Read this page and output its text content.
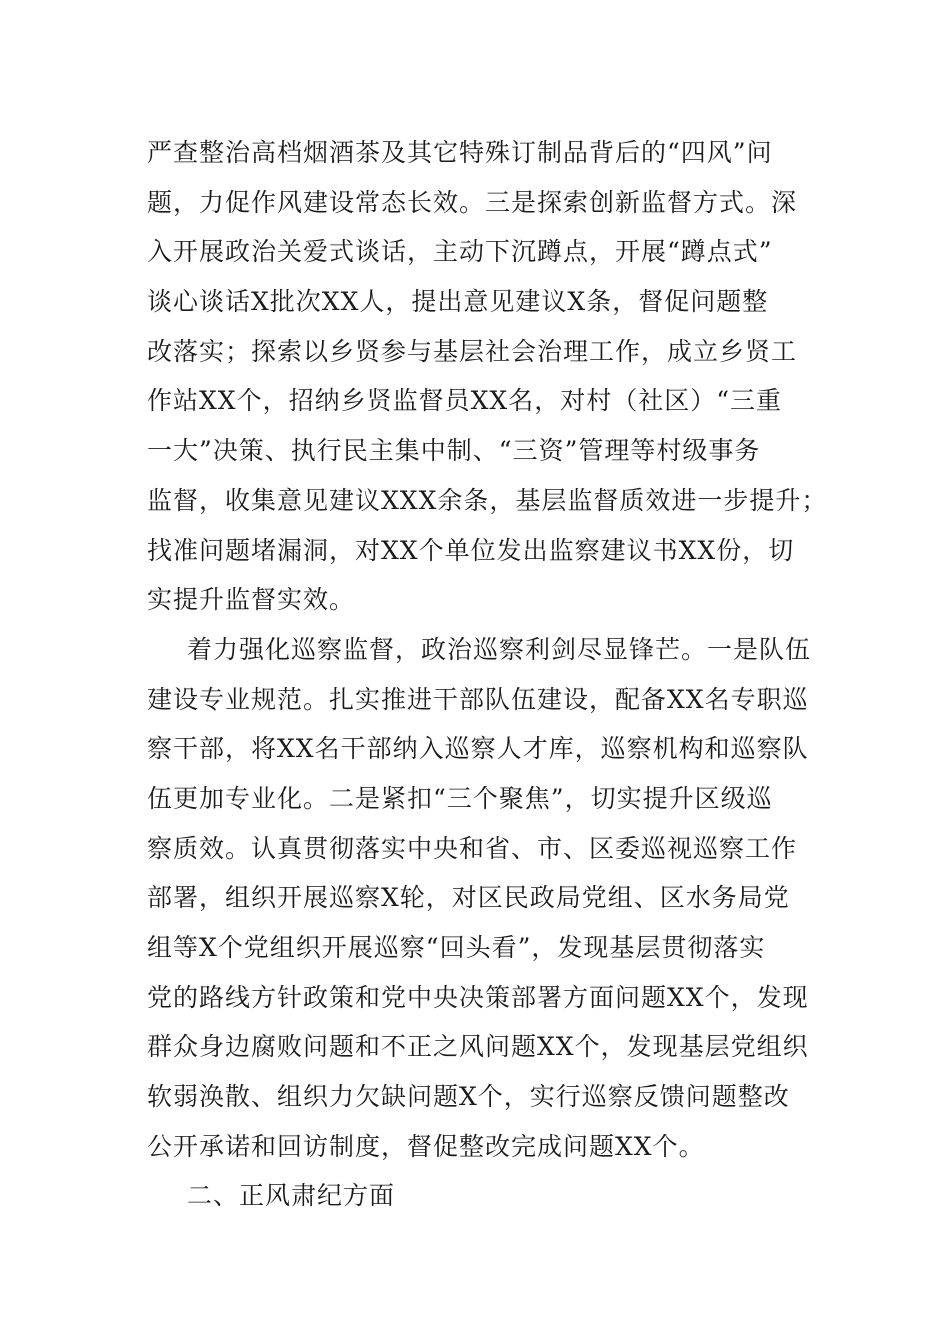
严查整治高档烟酒茶及其它特殊订制品背后的“四风”问
题，力促作风建设常态长效。三是探索创新监督方式。深
入开展政治关爱式谈话，主动下沉蹲点，开展“蹲点式”
谈心谈话X批次XX人，提出意见建议X条，督促问题整
改落实；探索以乡贤参与基层社会治理工作，成立乡贤工
作站XX个，招纳乡贤监督员XX名，对村（社区）“三重
一大”决策、执行民主集中制、“三资”管理等村级事务
监督，收集意见建议XXX余条，基层监督质效进一步提升；
找准问题堵漏洞，对XX个单位发出监察建议书XX份，切
实提升监督实效。
着力强化巡察监督，政治巡察利剑尽显锋芒。一是队伍
建设专业规范。扎实推进干部队伍建设，配备XX名专职巡
察干部，将XX名干部纳入巡察人才库，巡察机构和巡察队
伍更加专业化。二是紧扣“三个聚焦”，切实提升区级巡
察质效。认真贯彻落实中央和省、市、区委巡视巡察工作
部署，组织开展巡察X轮，对区民政局党组、区水务局党
组等X个党组织开展巡察“回头看”，发现基层贯彻落实
党的路线方针政策和党中央决策部署方面问题XX个，发现
群众身边腐败问题和不正之风问题XX个，发现基层党组织
软弱涣散、组织力欠缺问题X个，实行巡察反馈问题整改
公开承诺和回访制度，督促整改完成问题XX个。
二、正风肃纪方面
